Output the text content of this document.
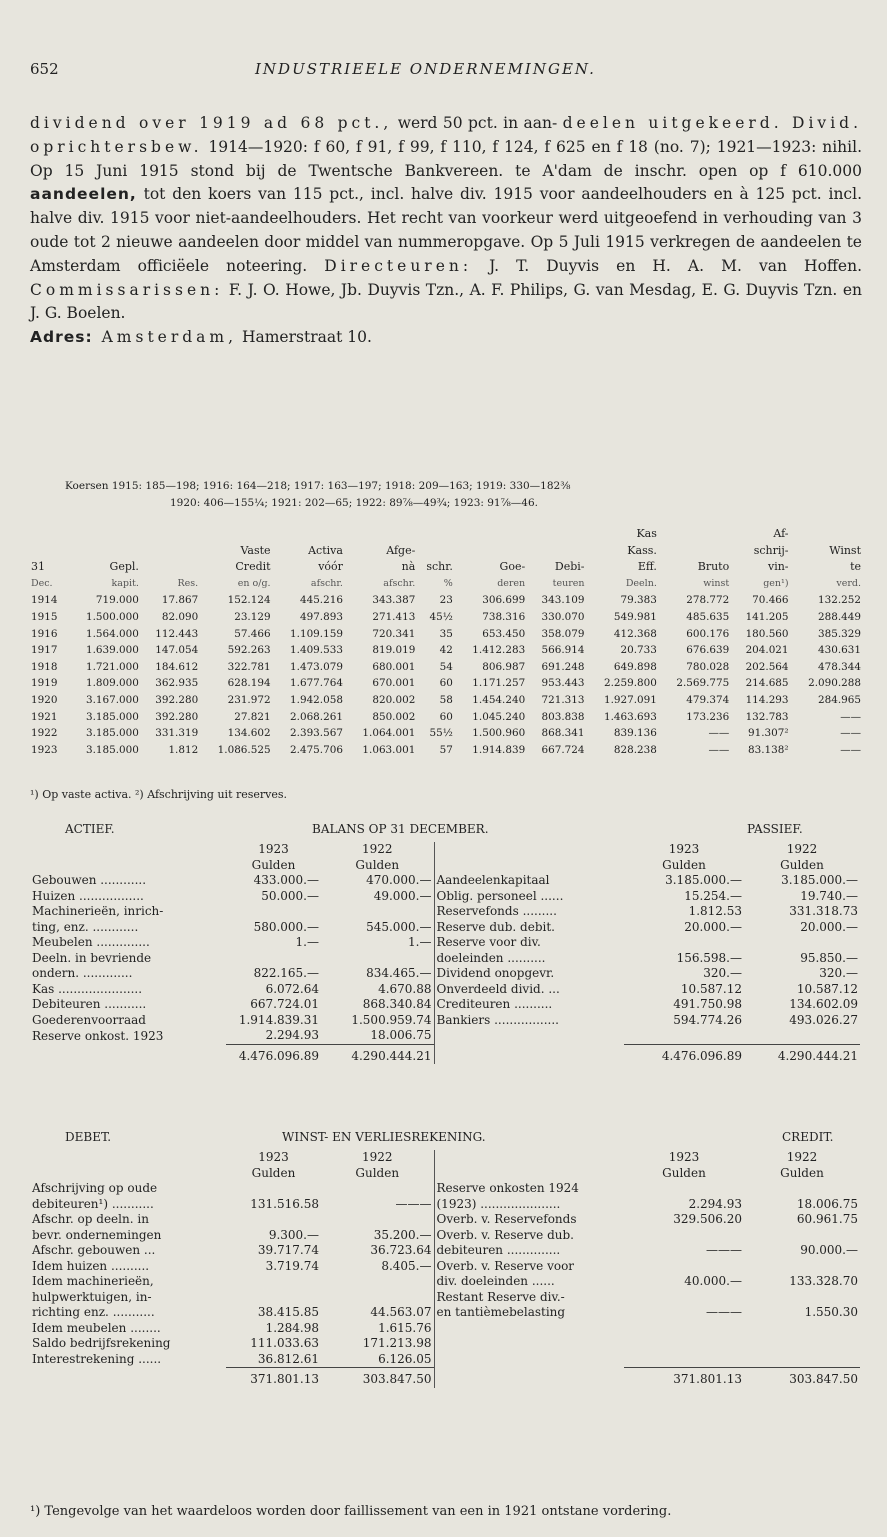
652	INDUSTRIEELE ONDERNEMINGEN.
dividend over 1919 ad 68 pct., werd 50 pct. in aan- deelen uitgekeerd. Divid. oprichtersbew. 1914—1920: f 60, f 91, f 99, f 110, f 124, f 625 en f 18 (no. 7); 1921—1923: nihil. Op 15 Juni 1915 stond bij de Twentsche Bankvereen. te A'dam de inschr. open op f 610.000 aandeelen, tot den koers van 115 pct., incl. halve div. 1915 voor aandeelhouders en à 125 pct. incl. halve div. 1915 voor niet-aandeelhouders. Het recht van voorkeur werd uitgeoefend in verhouding van 3 oude tot 2 nieuwe aandeelen door middel van nummeropgave. Op 5 Juli 1915 verkregen de aandeelen te Amsterdam officiëele noteering. Directeuren: J. T. Duyvis en H. A. M. van Hoffen. Commissarissen: F. J. O. Howe, Jb. Duyvis Tzn., A. F. Philips, G. van Mesdag, E. G. Duyvis Tzn. en J. G. Boelen.
Adres: Amsterdam, Hamerstraat 10.

Koersen 1915: 185—198; 1916: 164—218; 1917: 163—197; 1918: 209—163; 1919: 330—182⅜

1920: 406—155¼; 1921: 202—65; 1922: 89⅞—49¾; 1923: 91⅞—46.

									Kas		Af-	
			Vaste	Activa	Afge-				Kass.		schrij-	Winst
31	Gepl.		Credit	vóór	nà	schr.	Goe-	Debi-	Eff.	Bruto	vin-	te
Dec.	kapit.	Res.	en o/g.	afschr.	afschr.	%	deren	teuren	Deeln.	winst	gen¹)	verd.
1914	719.000	17.867	152.124	445.216	343.387	23	306.699	343.109	79.383	278.772	70.466	132.252
1915	1.500.000	82.090	23.129	497.893	271.413	45½	738.316	330.070	549.981	485.635	141.205	288.449
1916	1.564.000	112.443	57.466	1.109.159	720.341	35	653.450	358.079	412.368	600.176	180.560	385.329
1917	1.639.000	147.054	592.263	1.409.533	819.019	42	1.412.283	566.914	20.733	676.639	204.021	430.631
1918	1.721.000	184.612	322.781	1.473.079	680.001	54	806.987	691.248	649.898	780.028	202.564	478.344
1919	1.809.000	362.935	628.194	1.677.764	670.001	60	1.171.257	953.443	2.259.800	2.569.775	214.685	2.090.288
1920	3.167.000	392.280	231.972	1.942.058	820.002	58	1.454.240	721.313	1.927.091	479.374	114.293	284.965
1921	3.185.000	392.280	27.821	2.068.261	850.002	60	1.045.240	803.838	1.463.693	173.236	132.783	——
1922	3.185.000	331.319	134.602	2.393.567	1.064.001	55½	1.500.960	868.341	839.136	——	91.307²	——
1923	3.185.000	1.812	1.086.525	2.475.706	1.063.001	57	1.914.839	667.724	828.238	——	83.138²	——
¹) Op vaste activa. ²) Afschrijving uit reserves.
ACTIEF.	BALANS OP 31 DECEMBER.	PASSIEF.
	1923	1922		1923	1922
	Gulden	Gulden		Gulden	Gulden
Gebouwen ............	433.000.—	470.000.—	Aandeelenkapitaal	3.185.000.—	3.185.000.—
Huizen .................	50.000.—	49.000.—	Oblig. personeel ......	15.254.—	19.740.—
Machinerieën, inrich-			Reservefonds .........	1.812.53	331.318.73
ting, enz. ............	580.000.—	545.000.—	Reserve dub. debit.	20.000.—	20.000.—
Meubelen ..............	1.—	1.—	Reserve voor div.		
Deeln. in bevriende			doeleinden ..........	156.598.—	95.850.—
ondern. .............	822.165.—	834.465.—	Dividend onopgevr.	320.—	320.—
Kas ......................	6.072.64	4.670.88	Onverdeeld divid. ...	10.587.12	10.587.12
Debiteuren ...........	667.724.01	868.340.84	Crediteuren ..........	491.750.98	134.602.09
Goederenvoorraad	1.914.839.31	1.500.959.74	Bankiers .................	594.774.26	493.026.27
Reserve onkost. 1923	2.294.93	18.006.75			
	4.476.096.89	4.290.444.21		4.476.096.89	4.290.444.21
DEBET.	WINST- EN VERLIESREKENING.	CREDIT.
	1923	1922		1923	1922
	Gulden	Gulden		Gulden	Gulden
Afschrijving op oude			Reserve onkosten 1924		
debiteuren¹) ...........	131.516.58	———	(1923) .....................	2.294.93	18.006.75
Afschr. op deeln. in			Overb. v. Reservefonds	329.506.20	60.961.75
bevr. ondernemingen	9.300.—	35.200.—	Overb. v. Reserve dub.		
Afschr. gebouwen ...	39.717.74	36.723.64	debiteuren ..............	———	90.000.—
Idem huizen ..........	3.719.74	8.405.—	Overb. v. Reserve voor		
Idem machinerieën,			div. doeleinden ......	40.000.—	133.328.70
hulpwerktuigen, in-			Restant Reserve div.-		
richting enz. ...........	38.415.85	44.563.07	en tantièmebelasting	———	1.550.30
Idem meubelen ........	1.284.98	1.615.76			
Saldo bedrijfsrekening	111.033.63	171.213.98			
Interestrekening ......	36.812.61	6.126.05			
	371.801.13	303.847.50		371.801.13	303.847.50
¹) Tengevolge van het waardeloos worden door faillissement van een in 1921 ontstane vordering.
